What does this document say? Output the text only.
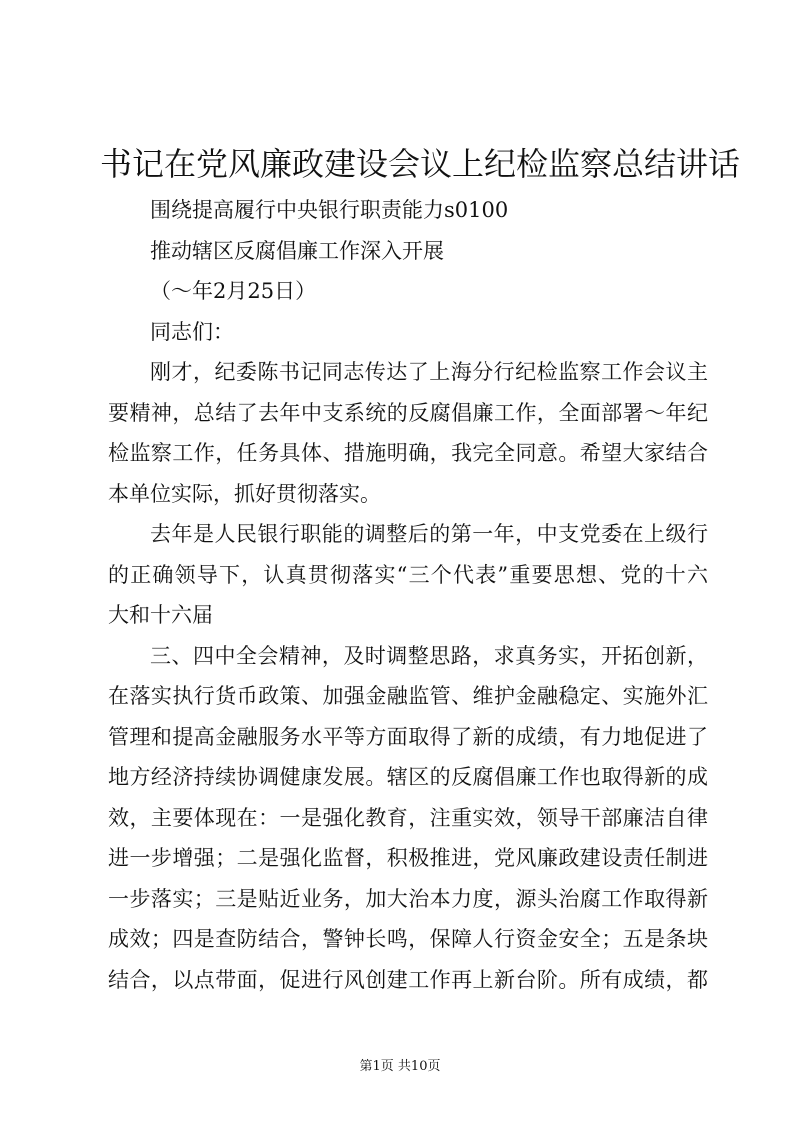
书记在党风廉政建设会议上纪检监察总结讲话

围绕提高履行中央银行职责能力s0100

推动辖区反腐倡廉工作深入开展

（～年2月25日）

同志们：

刚才，纪委陈书记同志传达了上海分行纪检监察工作会议主

要精神，总结了去年中支系统的反腐倡廉工作，全面部署～年纪

检监察工作，任务具体、措施明确，我完全同意。希望大家结合

本单位实际，抓好贯彻落实。

去年是人民银行职能的调整后的第一年，中支党委在上级行

的正确领导下，认真贯彻落实“三个代表”重要思想、党的十六

大和十六届

三、四中全会精神，及时调整思路，求真务实，开拓创新，

在落实执行货币政策、加强金融监管、维护金融稳定、实施外汇

管理和提高金融服务水平等方面取得了新的成绩，有力地促进了

地方经济持续协调健康发展。辖区的反腐倡廉工作也取得新的成

效，主要体现在：一是强化教育，注重实效，领导干部廉洁自律

进一步增强；二是强化监督，积极推进，党风廉政建设责任制进

一步落实；三是贴近业务，加大治本力度，源头治腐工作取得新

成效；四是查防结合，警钟长鸣，保障人行资金安全；五是条块

结合，以点带面，促进行风创建工作再上新台阶。所有成绩，都

第1页 共10页
